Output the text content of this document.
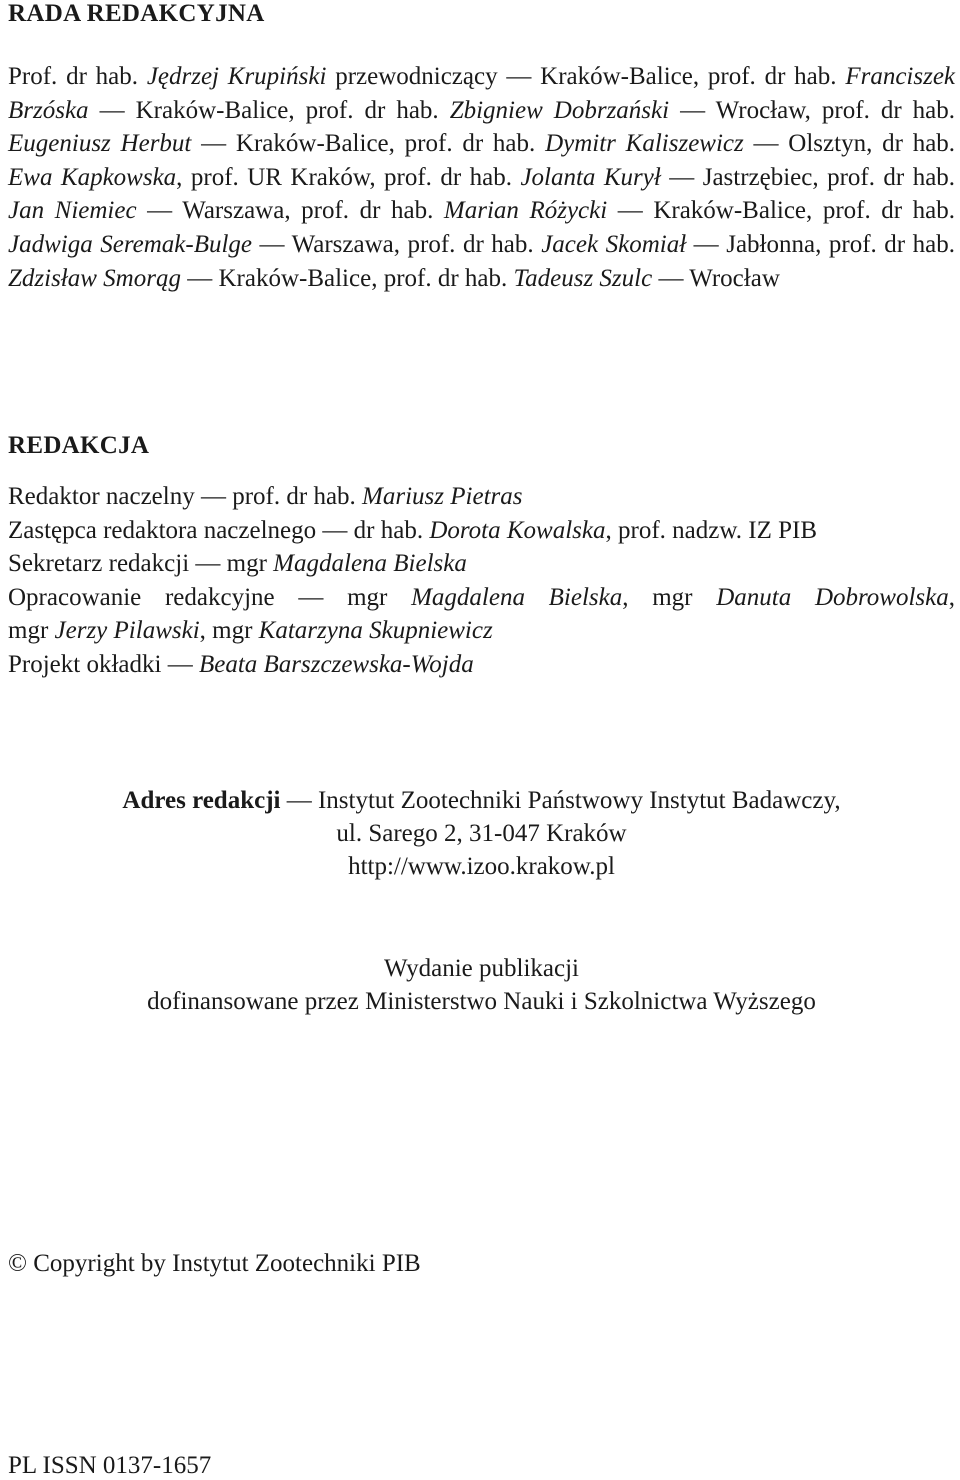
RADA REDAKCYJNA
Prof. dr hab. Jędrzej Krupiński przewodniczący — Kraków-Balice, prof. dr hab. Franciszek Brzóska — Kraków-Balice, prof. dr hab. Zbigniew Dobrzański — Wrocław, prof. dr hab. Eugeniusz Herbut — Kraków-Balice, prof. dr hab. Dymitr Kaliszewicz — Olsztyn, dr hab. Ewa Kapkowska, prof. UR Kraków, prof. dr hab. Jolanta Kurył — Jastrzębiec, prof. dr hab. Jan Niemiec — Warszawa, prof. dr hab. Marian Różycki — Kraków-Balice, prof. dr hab. Jadwiga Seremak-Bulge — Warszawa, prof. dr hab. Jacek Skomiał — Jabłonna, prof. dr hab. Zdzisław Smorąg — Kraków-Balice, prof. dr hab. Tadeusz Szulc — Wrocław
REDAKCJA
Redaktor naczelny — prof. dr hab. Mariusz Pietras
Zastępca redaktora naczelnego — dr hab. Dorota Kowalska, prof. nadzw. IZ PIB
Sekretarz redakcji — mgr Magdalena Bielska
Opracowanie redakcyjne — mgr Magdalena Bielska, mgr Danuta Dobrowolska,
mgr Jerzy Pilawski, mgr Katarzyna Skupniewicz
Projekt okładki — Beata Barszczewska-Wojda
Adres redakcji — Instytut Zootechniki Państwowy Instytut Badawczy,
ul. Sarego 2, 31-047 Kraków
http://www.izoo.krakow.pl
Wydanie publikacji
dofinansowane przez Ministerstwo Nauki i Szkolnictwa Wyższego
© Copyright by Instytut Zootechniki PIB
PL ISSN 0137-1657
